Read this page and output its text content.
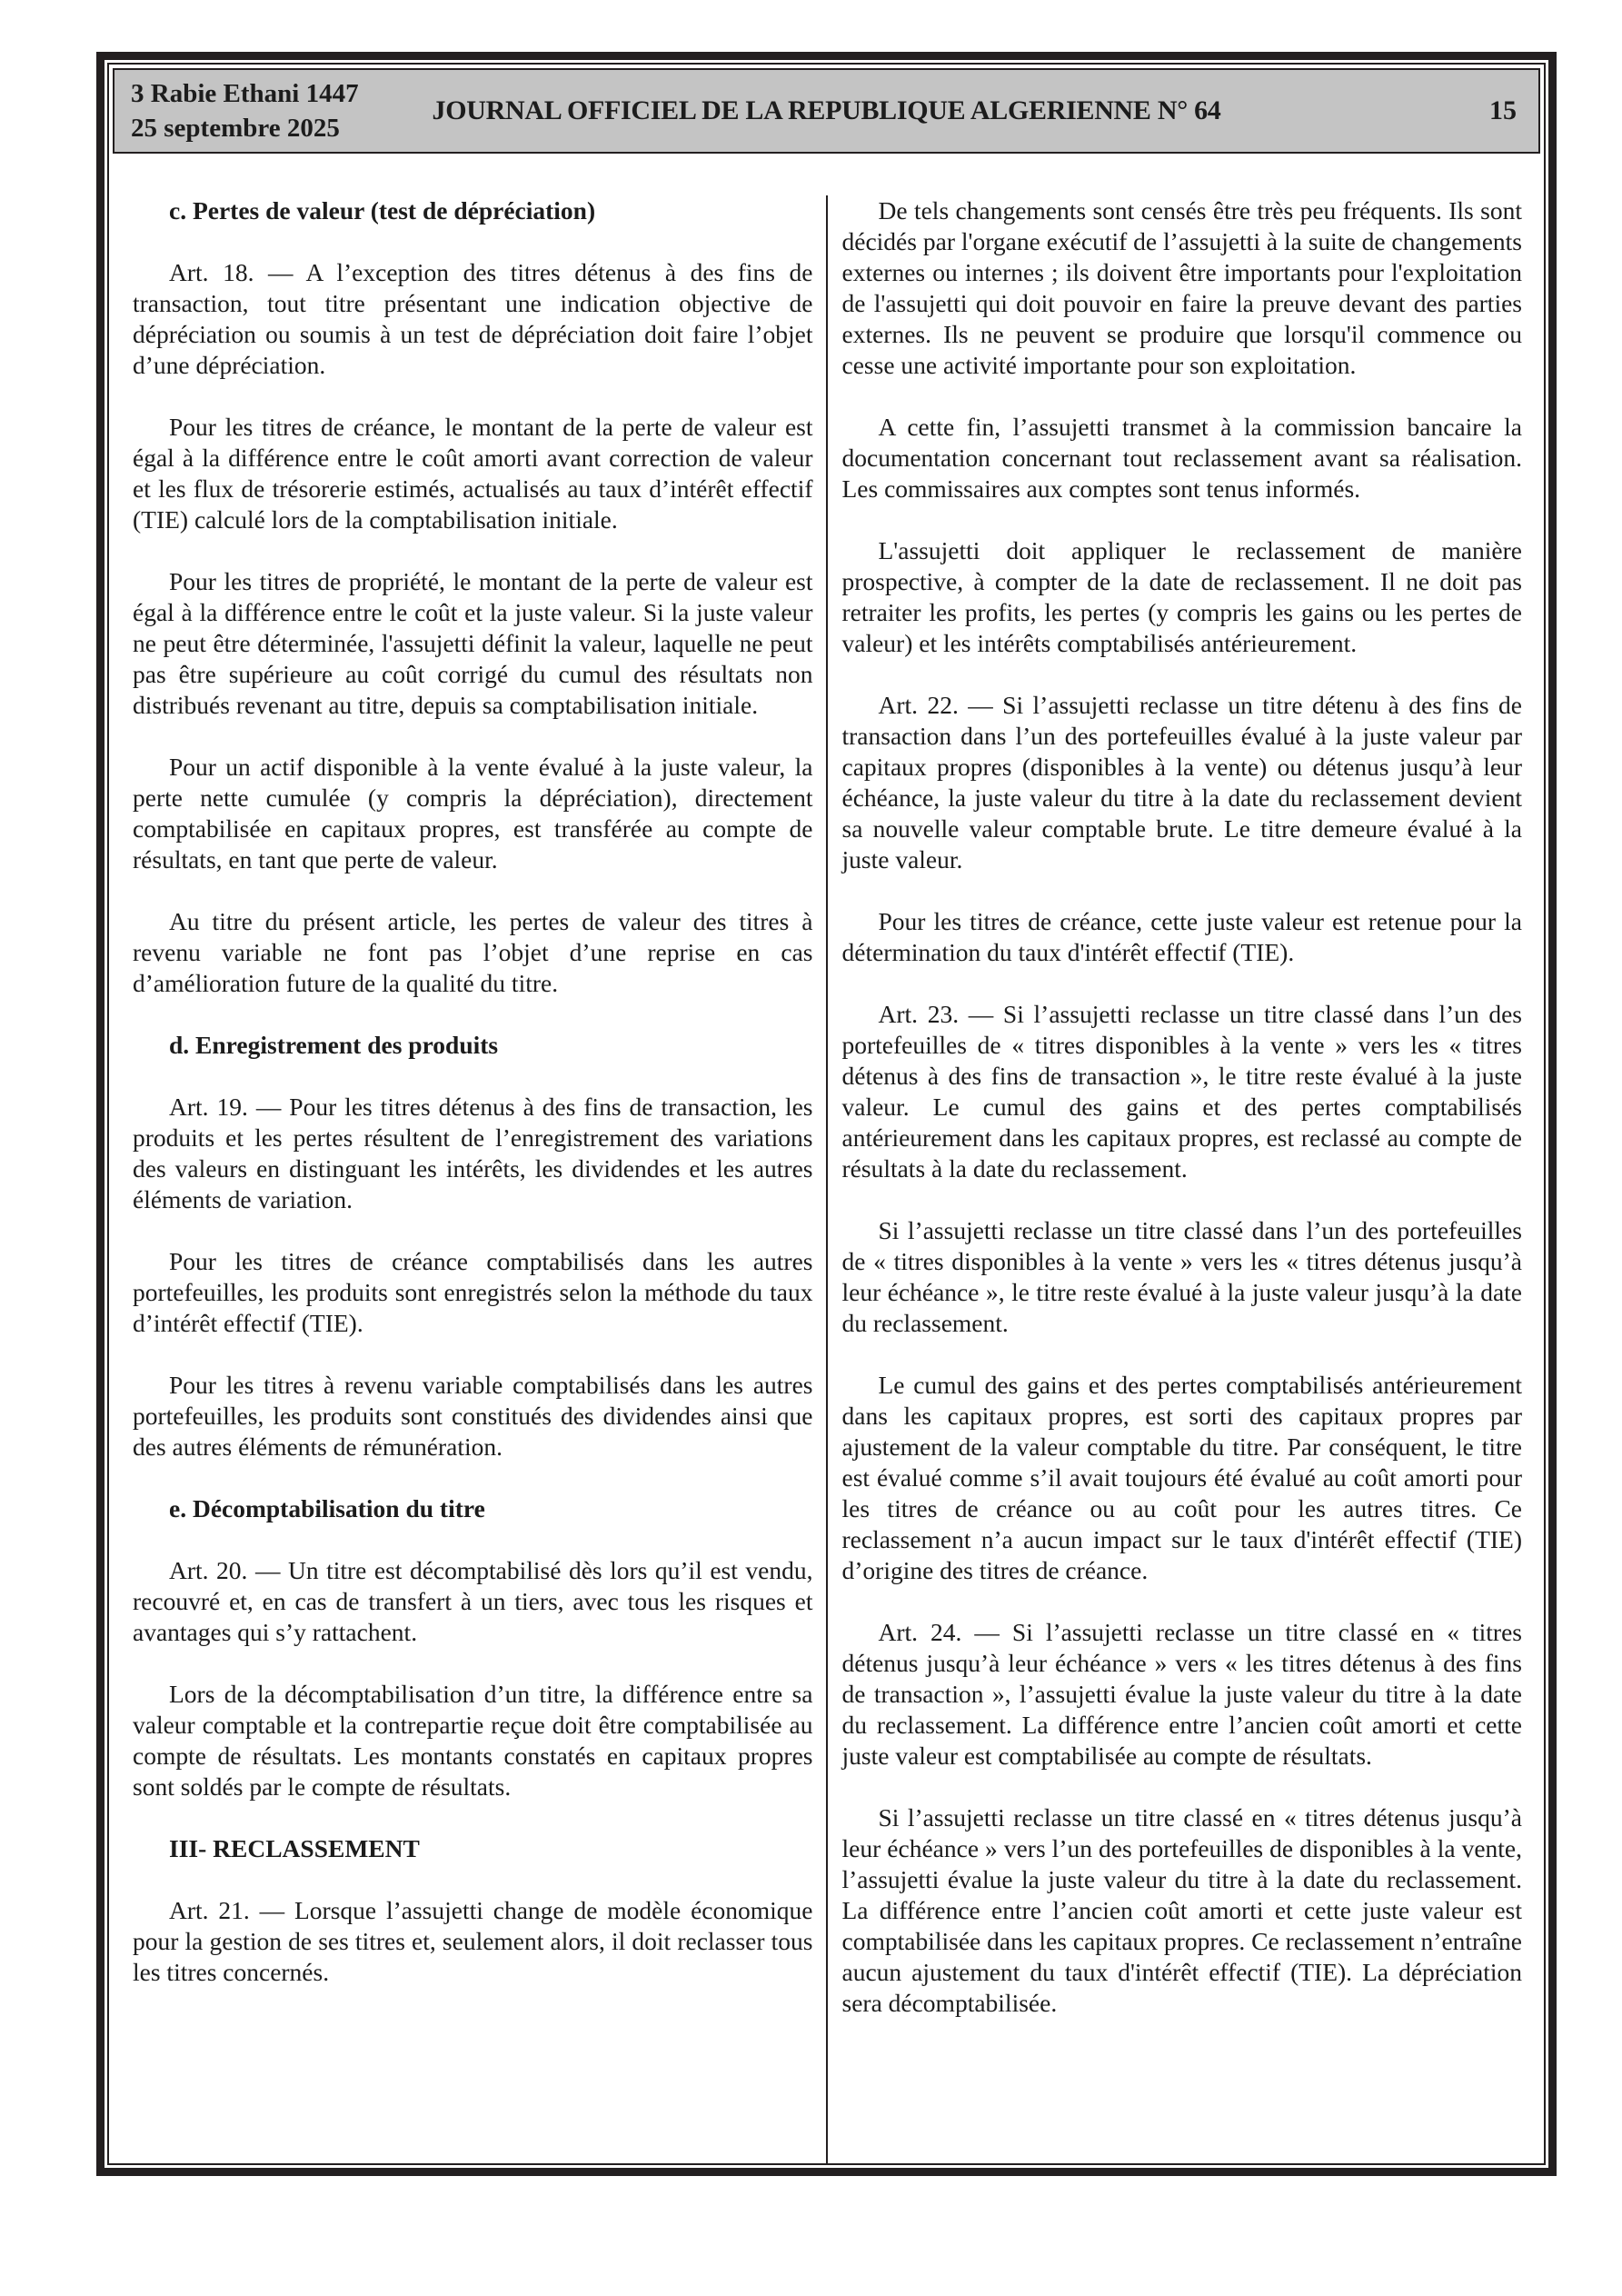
3 Rabie Ethani 1447
25 septembre 2025
JOURNAL OFFICIEL DE LA REPUBLIQUE ALGERIENNE N° 64	15

c. Pertes de valeur (test de dépréciation)

Art. 18. — A l’exception des titres détenus à des fins de transaction, tout titre présentant une indication objective de dépréciation ou soumis à un test de dépréciation doit faire l’objet d’une dépréciation.

Pour les titres de créance, le montant de la perte de valeur est égal à la différence entre le coût amorti avant correction de valeur et les flux de trésorerie estimés, actualisés au taux d’intérêt effectif (TIE) calculé lors de la comptabilisation initiale.

Pour les titres de propriété, le montant de la perte de valeur est égal à la différence entre le coût et la juste valeur. Si la juste valeur ne peut être déterminée, l'assujetti définit la valeur, laquelle ne peut pas être supérieure au coût corrigé du cumul des résultats non distribués revenant au titre, depuis sa comptabilisation initiale.

Pour un actif disponible à la vente évalué à la juste valeur, la perte nette cumulée (y compris la dépréciation), directement comptabilisée en capitaux propres, est transférée au compte de résultats, en tant que perte de valeur.

Au titre du présent article, les pertes de valeur des titres à revenu variable ne font pas l’objet d’une reprise en cas d’amélioration future de la qualité du titre.

d. Enregistrement des produits

Art. 19. — Pour les titres détenus à des fins de transaction, les produits et les pertes résultent de l’enregistrement des variations des valeurs en distinguant les intérêts, les dividendes et les autres éléments de variation.

Pour les titres de créance comptabilisés dans les autres portefeuilles, les produits sont enregistrés selon la méthode du taux d’intérêt effectif (TIE).

Pour les titres à revenu variable comptabilisés dans les autres portefeuilles, les produits sont constitués des dividendes ainsi que des autres éléments de rémunération.

e. Décomptabilisation du titre

Art. 20. — Un titre est décomptabilisé dès lors qu’il est vendu, recouvré et, en cas de transfert à un tiers, avec tous les risques et avantages qui s’y rattachent.

Lors de la décomptabilisation d’un titre, la différence entre sa valeur comptable et la contrepartie reçue doit être comptabilisée au compte de résultats. Les montants constatés en capitaux propres sont soldés par le compte de résultats.

III- RECLASSEMENT

Art. 21. — Lorsque l’assujetti change de modèle économique pour la gestion de ses titres et, seulement alors, il doit reclasser tous les titres concernés.

De tels changements sont censés être très peu fréquents. Ils sont décidés par l'organe exécutif de l’assujetti à la suite de changements externes ou internes ; ils doivent être importants pour l'exploitation de l'assujetti qui doit pouvoir en faire la preuve devant des parties externes. Ils ne peuvent se produire que lorsqu'il commence ou cesse une activité importante pour son exploitation.

A cette fin, l’assujetti transmet à la commission bancaire la documentation concernant tout reclassement avant sa réalisation. Les commissaires aux comptes sont tenus informés.

L'assujetti doit appliquer le reclassement de manière prospective, à compter de la date de reclassement. Il ne doit pas retraiter les profits, les pertes (y compris les gains ou les pertes de valeur) et les intérêts comptabilisés antérieurement.

Art. 22. — Si l’assujetti reclasse un titre détenu à des fins de transaction dans l’un des portefeuilles évalué à la juste valeur par capitaux propres (disponibles à la vente) ou détenus jusqu’à leur échéance, la juste valeur du titre à la date du reclassement devient sa nouvelle valeur comptable brute. Le titre demeure évalué à la juste valeur.

Pour les titres de créance, cette juste valeur est retenue pour la détermination du taux d'intérêt effectif (TIE).

Art. 23. — Si l’assujetti reclasse un titre classé dans l’un des portefeuilles de « titres disponibles à la vente » vers les « titres détenus à des fins de transaction », le titre reste évalué à la juste valeur. Le cumul des gains et des pertes comptabilisés antérieurement dans les capitaux propres, est reclassé au compte de résultats à la date du reclassement.

Si l’assujetti reclasse un titre classé dans l’un des portefeuilles de « titres disponibles à la vente » vers les « titres détenus jusqu’à leur échéance », le titre reste évalué à la juste valeur jusqu’à la date du reclassement.

Le cumul des gains et des pertes comptabilisés antérieurement dans les capitaux propres, est sorti des capitaux propres par ajustement de la valeur comptable du titre. Par conséquent, le titre est évalué comme s’il avait toujours été évalué au coût amorti pour les titres de créance ou au coût pour les autres titres. Ce reclassement n’a aucun impact sur le taux d'intérêt effectif (TIE) d’origine des titres de créance.

Art. 24. — Si l’assujetti reclasse un titre classé en « titres détenus jusqu’à leur échéance » vers « les titres détenus à des fins de transaction », l’assujetti évalue la juste valeur du titre à la date du reclassement. La différence entre l’ancien coût amorti et cette juste valeur est comptabilisée au compte de résultats.

Si l’assujetti reclasse un titre classé en « titres détenus jusqu’à leur échéance » vers l’un des portefeuilles de disponibles à la vente, l’assujetti évalue la juste valeur du titre à la date du reclassement. La différence entre l’ancien coût amorti et cette juste valeur est comptabilisée dans les capitaux propres. Ce reclassement n’entraîne aucun ajustement du taux d'intérêt effectif (TIE). La dépréciation sera décomptabilisée.
